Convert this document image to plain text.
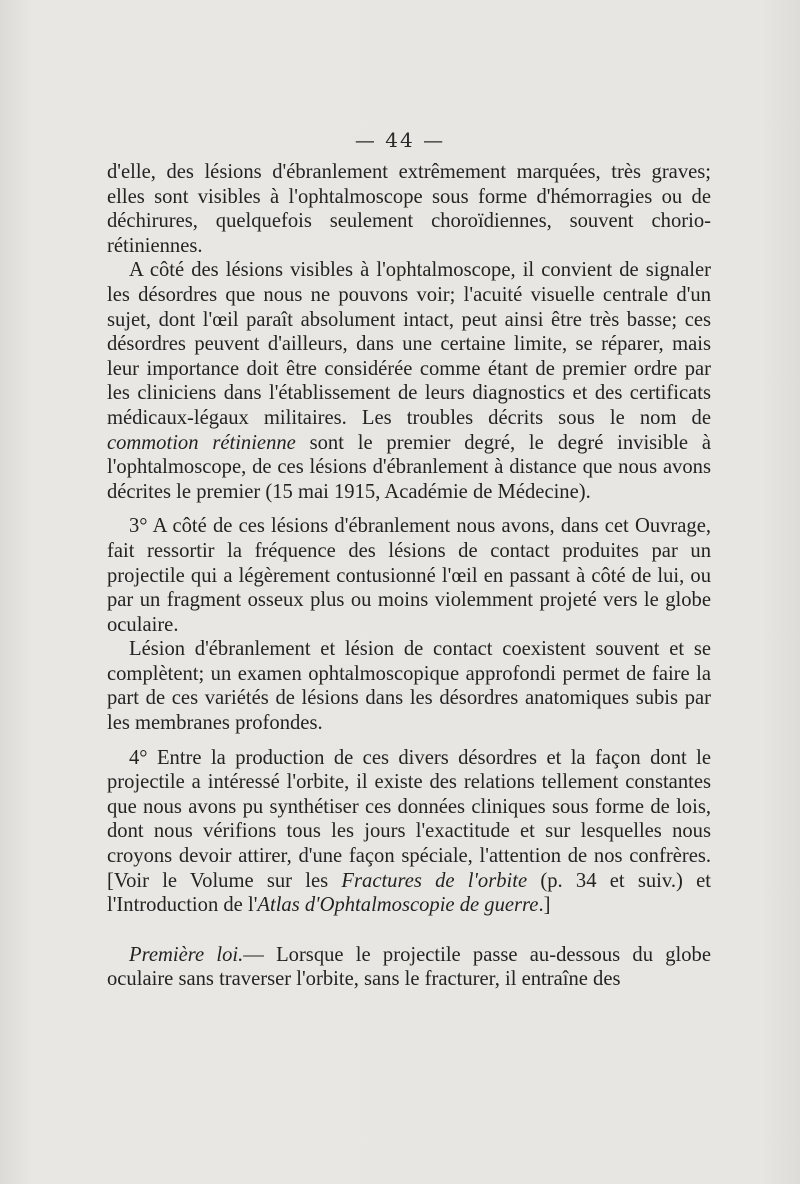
— 44 —

d'elle, des lésions d'ébranlement extrêmement marquées, très graves; elles sont visibles à l'ophtalmoscope sous forme d'hémorragies ou de déchirures, quelquefois seulement choroïdiennes, souvent chorio-rétiniennes.

A côté des lésions visibles à l'ophtalmoscope, il convient de signaler les désordres que nous ne pouvons voir; l'acuité visuelle centrale d'un sujet, dont l'œil paraît absolument intact, peut ainsi être très basse; ces désordres peuvent d'ailleurs, dans une certaine limite, se réparer, mais leur importance doit être considérée comme étant de premier ordre par les cliniciens dans l'établissement de leurs diagnostics et des certificats médicaux-légaux militaires. Les troubles décrits sous le nom de commotion rétinienne sont le premier degré, le degré invisible à l'ophtalmoscope, de ces lésions d'ébranlement à distance que nous avons décrites le premier (15 mai 1915, Académie de Médecine).

3° A côté de ces lésions d'ébranlement nous avons, dans cet Ouvrage, fait ressortir la fréquence des lésions de contact produites par un projectile qui a légèrement contusionné l'œil en passant à côté de lui, ou par un fragment osseux plus ou moins violemment projeté vers le globe oculaire.

Lésion d'ébranlement et lésion de contact coexistent souvent et se complètent; un examen ophtalmoscopique approfondi permet de faire la part de ces variétés de lésions dans les désordres anatomiques subis par les membranes profondes.

4° Entre la production de ces divers désordres et la façon dont le projectile a intéressé l'orbite, il existe des relations tellement constantes que nous avons pu synthétiser ces données cliniques sous forme de lois, dont nous vérifions tous les jours l'exactitude et sur lesquelles nous croyons devoir attirer, d'une façon spéciale, l'attention de nos confrères. [Voir le Volume sur les Fractures de l'orbite (p. 34 et suiv.) et l'Introduction de l'Atlas d'Ophtalmoscopie de guerre.]

Première loi.— Lorsque le projectile passe au-dessous du globe oculaire sans traverser l'orbite, sans le fracturer, il entraîne des
